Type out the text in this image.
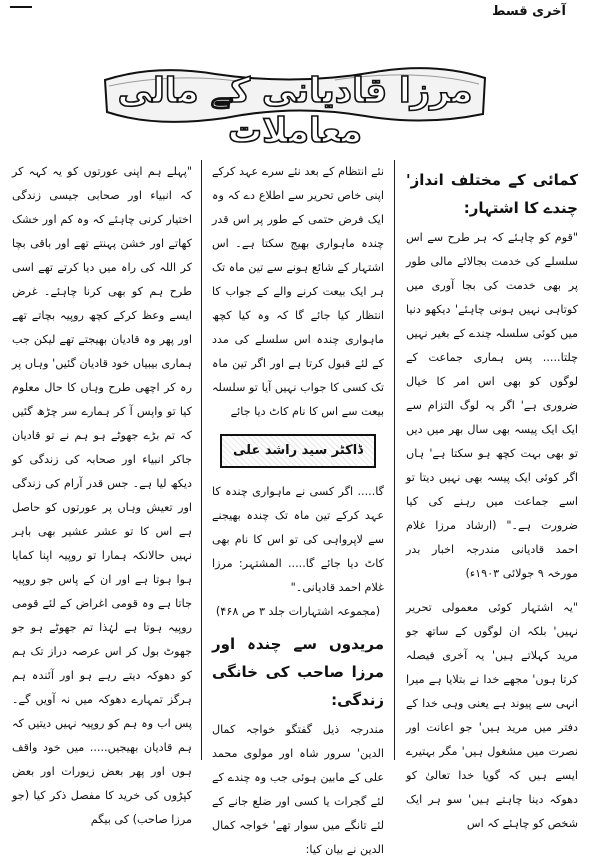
آخری قسط
مرزا قادیانی کے مالی معاملات
کمائی کے مختلف انداز' چندے کا اشتہار:

"قوم کو چاہئے کہ ہر طرح سے اس سلسلے کی خدمت بجالائے مالی طور پر بھی خدمت کی بجا آوری میں کوتاہی نہیں ہونی چاہئے' دیکھو دنیا میں کوئی سلسلہ چندے کے بغیر نہیں چلتا..... پس ہماری جماعت کے لوگوں کو بھی اس امر کا خیال ضروری ہے' اگر یہ لوگ التزام سے ایک ایک پیسہ بھی سال بھر میں دیں تو بھی بہت کچھ ہو سکتا ہے' ہاں اگر کوئی ایک پیسہ بھی نہیں دیتا تو اسے جماعت میں رہنے کی کیا ضرورت ہے۔" (ارشاد مرزا غلام احمد قادیانی مندرجہ اخبار بدر مورخہ ۹ جولائی ۱۹۰۳ء)

"یہ اشتہار کوئی معمولی تحریر نہیں' بلکہ ان لوگوں کے ساتھ جو مرید کہلاتے ہیں' یہ آخری فیصلہ کرتا ہوں' مجھے خدا نے بتلایا ہے میرا انہی سے پیوند ہے یعنی وہی خدا کے دفتر میں مرید ہیں' جو اعانت اور نصرت میں مشغول ہیں' مگر بہتیرے ایسے ہیں کہ گویا خدا تعالیٰ کو دھوکہ دینا چاہتے ہیں' سو ہر ایک شخص کو چاہئے کہ اس

نئے انتظام کے بعد نئے سرے عہد کرکے اپنی خاص تحریر سے اطلاع دے کہ وہ ایک فرض حتمی کے طور پر اس قدر چندہ ماہواری بھیج سکتا ہے۔ اس اشتہار کے شائع ہونے سے تین ماہ تک ہر ایک بیعت کرنے والے کے جواب کا انتظار کیا جائے گا کہ وہ کیا کچھ ماہواری چندہ اس سلسلے کی مدد کے لئے قبول کرتا ہے اور اگر تین ماہ تک کسی کا جواب نہیں آیا تو سلسلہ بیعت سے اس کا نام کاٹ دیا جائے

ڈاکٹر سید راشد علی

گا..... اگر کسی نے ماہواری چندہ کا عہد کرکے تین ماہ تک چندہ بھیجنے سے لاپرواہی کی تو اس کا نام بھی کاٹ دیا جائے گا..... المشتہر: مرزا غلام احمد قادیانی۔"

(مجموعہ اشتہارات جلد ۳ ص ۴۶۸)

مریدوں سے چندہ اور مرزا صاحب کی خانگی زندگی:

مندرجہ ذیل گفتگو خواجہ کمال الدین' سرور شاہ اور مولوی محمد علی کے مابین ہوئی جب وہ چندے کے لئے گجرات یا کسی اور ضلع جانے کے لئے تانگے میں سوار تھے' خواجہ کمال الدین نے بیان کیا:

"پہلے ہم اپنی عورتوں کو یہ کہہ کر کہ انبیاء اور صحابی جیسی زندگی اختیار کرنی چاہئے کہ وہ کم اور خشک کھاتے اور خشن پہنتے تھے اور باقی بچا کر اللہ کی راہ میں دیا کرتے تھے اسی طرح ہم کو بھی کرنا چاہئے۔ غرض ایسے وعظ کرکے کچھ روپیہ بچاتے تھے اور پھر وہ قادیان بھیجتے تھے لیکن جب ہماری بیبیاں خود قادیان گئیں' وہاں پر رہ کر اچھی طرح وہاں کا حال معلوم کیا تو واپس آ کر ہمارے سر چڑھ گئیں کہ تم بڑے جھوٹے ہو ہم نے تو قادیان جاکر انبیاء اور صحابہ کی زندگی کو دیکھ لیا ہے۔ جس قدر آرام کی زندگی اور تعیش وہاں پر عورتوں کو حاصل ہے اس کا تو عشر عشیر بھی باہر نہیں حالانکہ ہمارا تو روپیہ اپنا کمایا ہوا ہوتا ہے اور ان کے پاس جو روپیہ جاتا ہے وہ قومی اغراض کے لئے قومی روپیہ ہوتا ہے لہٰذا تم جھوٹے ہو جو جھوٹ بول کر اس عرصہ دراز تک ہم کو دھوکہ دیتے رہے ہو اور آئندہ ہم ہرگز تمہارے دھوکہ میں نہ آویں گے۔ پس اب وہ ہم کو روپیہ نہیں دیتیں کہ ہم قادیان بھیجیں..... میں خود واقف ہوں اور پھر بعض زیورات اور بعض کپڑوں کی خرید کا مفصل ذکر کیا (جو مرزا صاحب) کی بیگم
